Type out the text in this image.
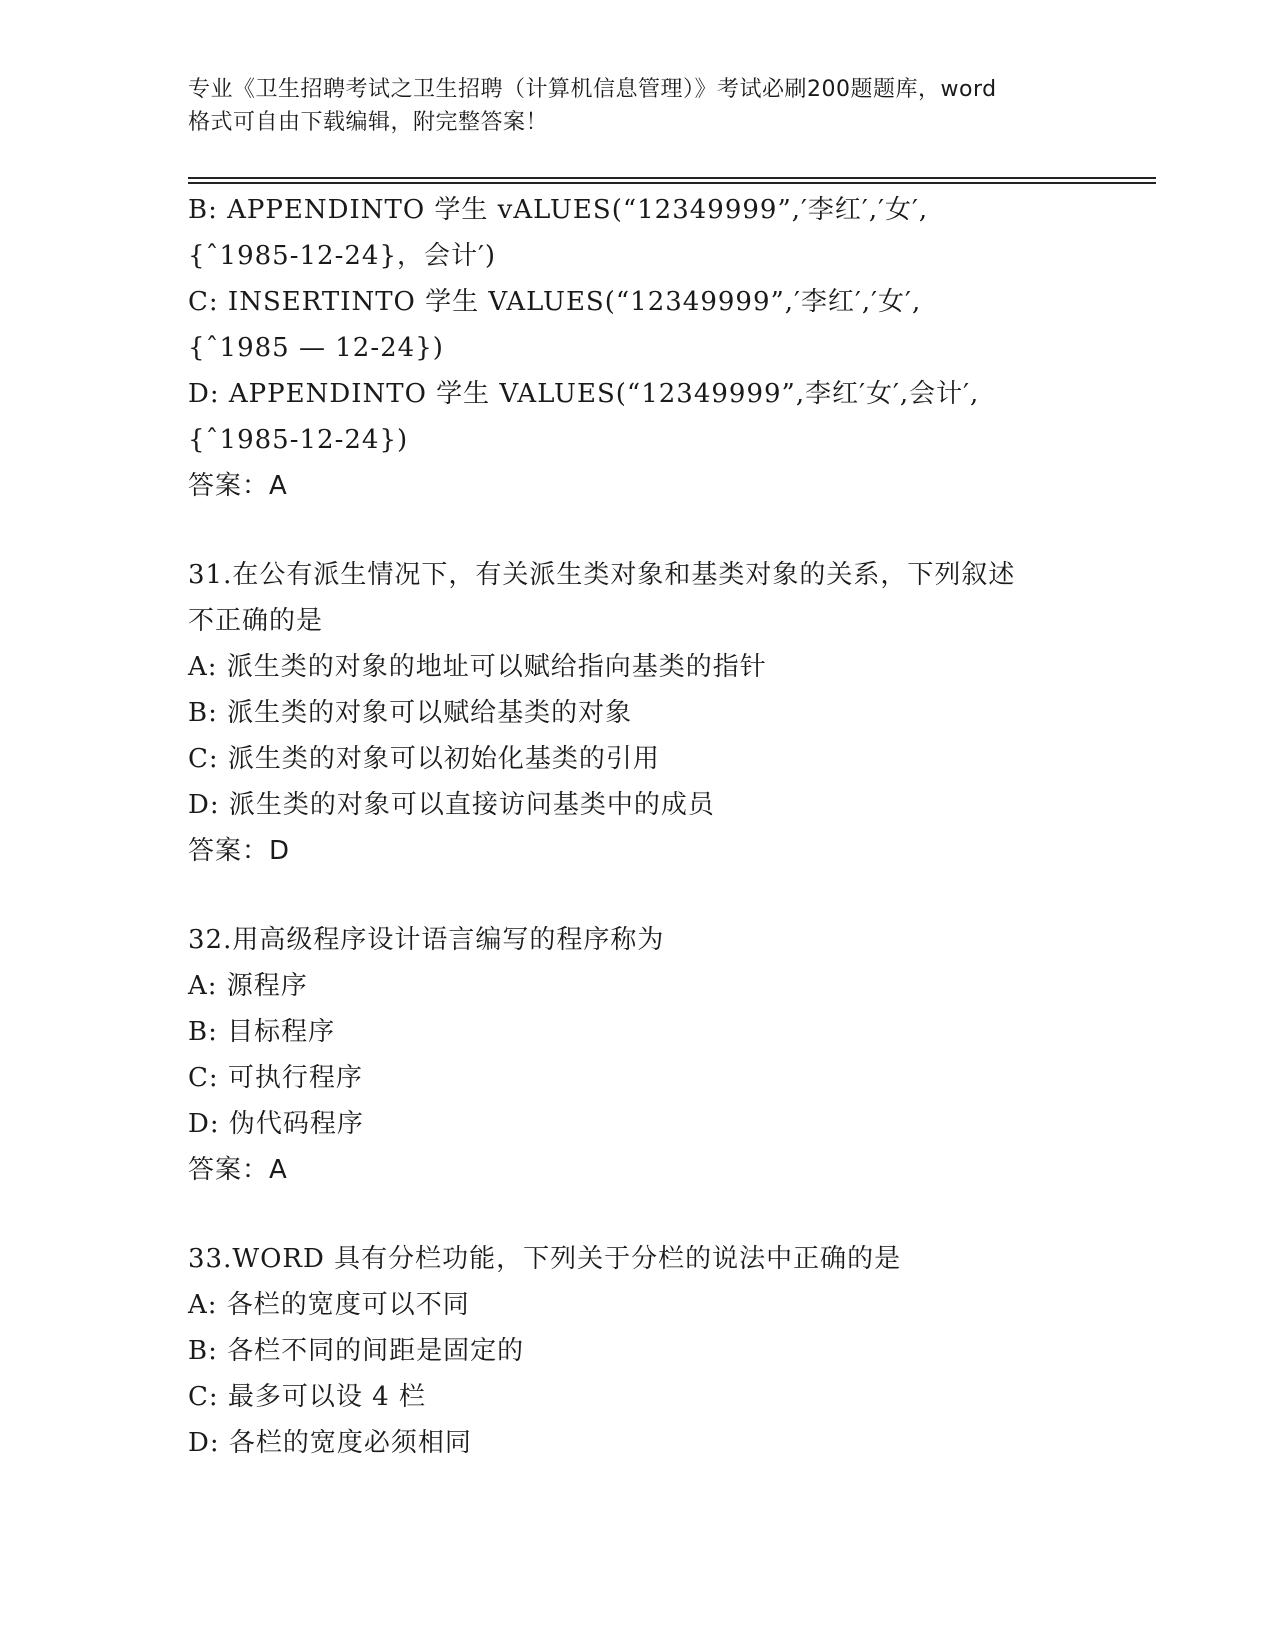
专业《卫生招聘考试之卫生招聘（计算机信息管理）》考试必刷200题题库，word
格式可自由下载编辑，附完整答案！
B: APPENDINTO 学生 vALUES(“12349999”,′李红′,′女′,
{ˆ1985-12-24}，会计′)
C: INSERTINTO 学生 VALUES(“12349999”,′李红′,′女′,
{ˆ1985 — 12-24})
D: APPENDINTO 学生 VALUES(“12349999”,李红′女′,会计′,
{ˆ1985-12-24})
答案：A
31.在公有派生情况下，有关派生类对象和基类对象的关系，下列叙述
不正确的是
A: 派生类的对象的地址可以赋给指向基类的指针
B: 派生类的对象可以赋给基类的对象
C: 派生类的对象可以初始化基类的引用
D: 派生类的对象可以直接访问基类中的成员
答案：D
32.用高级程序设计语言编写的程序称为
A: 源程序
B: 目标程序
C: 可执行程序
D: 伪代码程序
答案：A
33.WORD 具有分栏功能，下列关于分栏的说法中正确的是
A: 各栏的宽度可以不同
B: 各栏不同的间距是固定的
C: 最多可以设 4 栏
D: 各栏的宽度必须相同
